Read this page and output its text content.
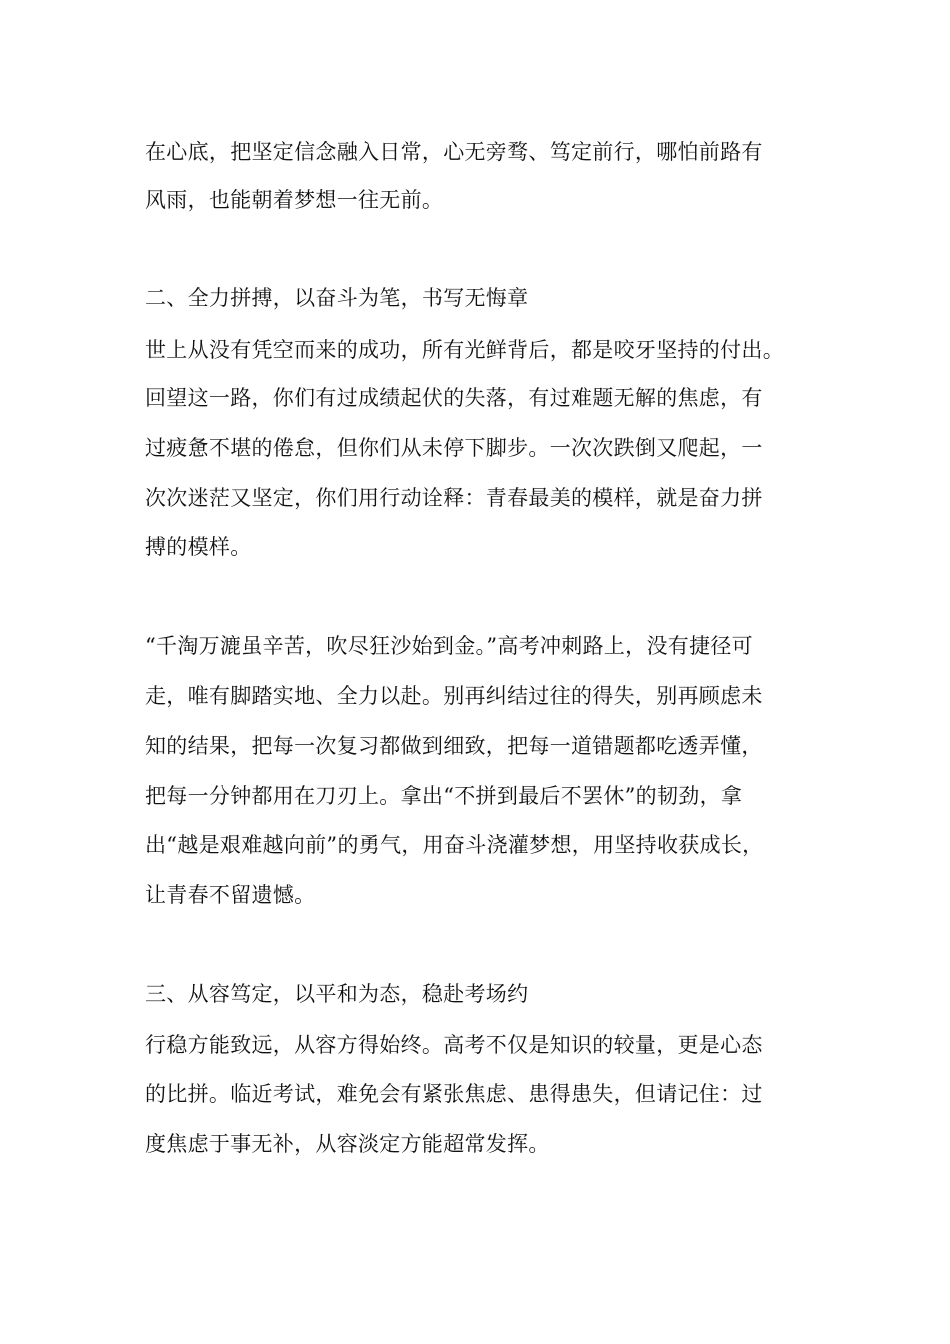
在心底，把坚定信念融入日常，心无旁骛、笃定前行，哪怕前路有
风雨，也能朝着梦想一往无前。
二、全力拼搏，以奋斗为笔，书写无悔章
世上从没有凭空而来的成功，所有光鲜背后，都是咬牙坚持的付出。
回望这一路，你们有过成绩起伏的失落，有过难题无解的焦虑，有
过疲惫不堪的倦怠，但你们从未停下脚步。一次次跌倒又爬起，一
次次迷茫又坚定，你们用行动诠释：青春最美的模样，就是奋力拼
搏的模样。
“千淘万漉虽辛苦，吹尽狂沙始到金。”高考冲刺路上，没有捷径可
走，唯有脚踏实地、全力以赴。别再纠结过往的得失，别再顾虑未
知的结果，把每一次复习都做到细致，把每一道错题都吃透弄懂，
把每一分钟都用在刀刃上。拿出“不拼到最后不罢休”的韧劲，拿
出“越是艰难越向前”的勇气，用奋斗浇灌梦想，用坚持收获成长，
让青春不留遗憾。
三、从容笃定，以平和为态，稳赴考场约
行稳方能致远，从容方得始终。高考不仅是知识的较量，更是心态
的比拼。临近考试，难免会有紧张焦虑、患得患失，但请记住：过
度焦虑于事无补，从容淡定方能超常发挥。
